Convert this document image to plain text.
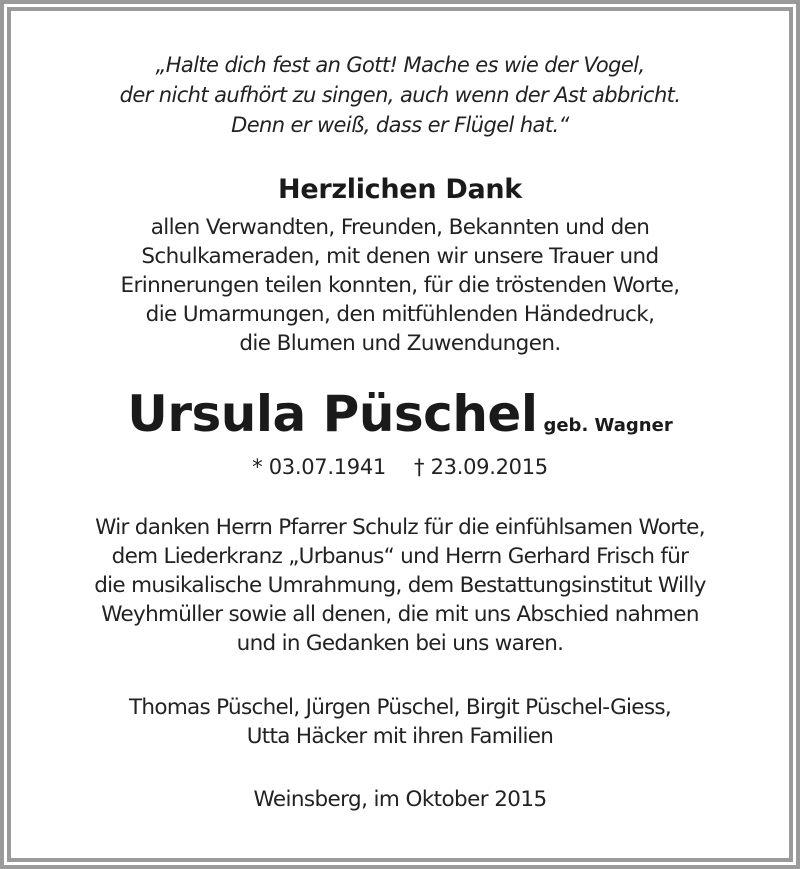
„Halte dich fest an Gott! Mache es wie der Vogel,
der nicht aufhört zu singen, auch wenn der Ast abbricht.
Denn er weiß, dass er Flügel hat.“
Herzlichen Dank
allen Verwandten, Freunden, Bekannten und den
Schulkameraden, mit denen wir unsere Trauer und
Erinnerungen teilen konnten, für die tröstenden Worte,
die Umarmungen, den mitfühlenden Händedruck,
die Blumen und Zuwendungen.
Ursula Püschel geb. Wagner
* 03.07.1941 † 23.09.2015
Wir danken Herrn Pfarrer Schulz für die einfühlsamen Worte,
dem Liederkranz „Urbanus“ und Herrn Gerhard Frisch für
die musikalische Umrahmung, dem Bestattungsinstitut Willy
Weyhmüller sowie all denen, die mit uns Abschied nahmen
und in Gedanken bei uns waren.
Thomas Püschel, Jürgen Püschel, Birgit Püschel-Giess,
Utta Häcker mit ihren Familien
Weinsberg, im Oktober 2015
